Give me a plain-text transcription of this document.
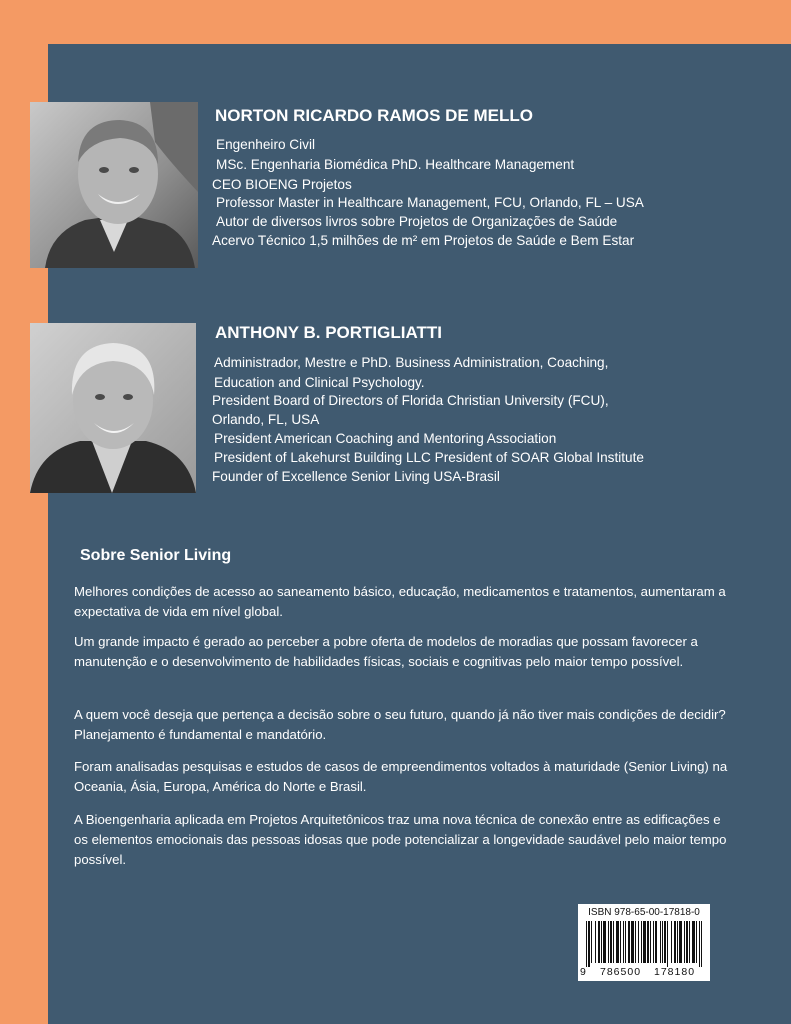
NORTON RICARDO RAMOS DE MELLO

Engenheiro Civil

MSc. Engenharia Biomédica PhD. Healthcare Management

CEO BIOENG Projetos

Professor Master in Healthcare Management, FCU, Orlando, FL – USA

Autor de diversos livros sobre Projetos de Organizações de Saúde

Acervo Técnico 1,5 milhões de m² em Projetos de Saúde e Bem Estar

ANTHONY B. PORTIGLIATTI

Administrador, Mestre e PhD. Business Administration, Coaching,

Education and Clinical Psychology.

President Board of Directors of Florida Christian University (FCU),

Orlando, FL, USA

President American Coaching and Mentoring Association

President of Lakehurst Building LLC President of SOAR Global Institute

Founder of Excellence Senior Living USA-Brasil

Sobre Senior Living

Melhores condições de acesso ao saneamento básico, educação, medicamentos e tratamentos, aumentaram a expectativa de vida em nível global.

Um grande impacto é gerado ao perceber a pobre oferta de modelos de moradias que possam favorecer a manutenção e o desenvolvimento de habilidades físicas, sociais e cognitivas pelo maior tempo possível.

A quem você deseja que pertença a decisão sobre o seu futuro, quando já não tiver mais condições de decidir? Planejamento é fundamental e mandatório.

Foram analisadas pesquisas e estudos de casos de empreendimentos voltados à maturidade (Senior Living) na Oceania, Ásia, Europa, América do Norte e Brasil.

A Bioengenharia aplicada em Projetos Arquitetônicos traz uma nova técnica de conexão entre as edificações e os elementos emocionais das pessoas idosas que pode potencializar a longevidade saudável pelo maior tempo possível.

ISBN 978-65-00-17818-0
9 786500 178180
